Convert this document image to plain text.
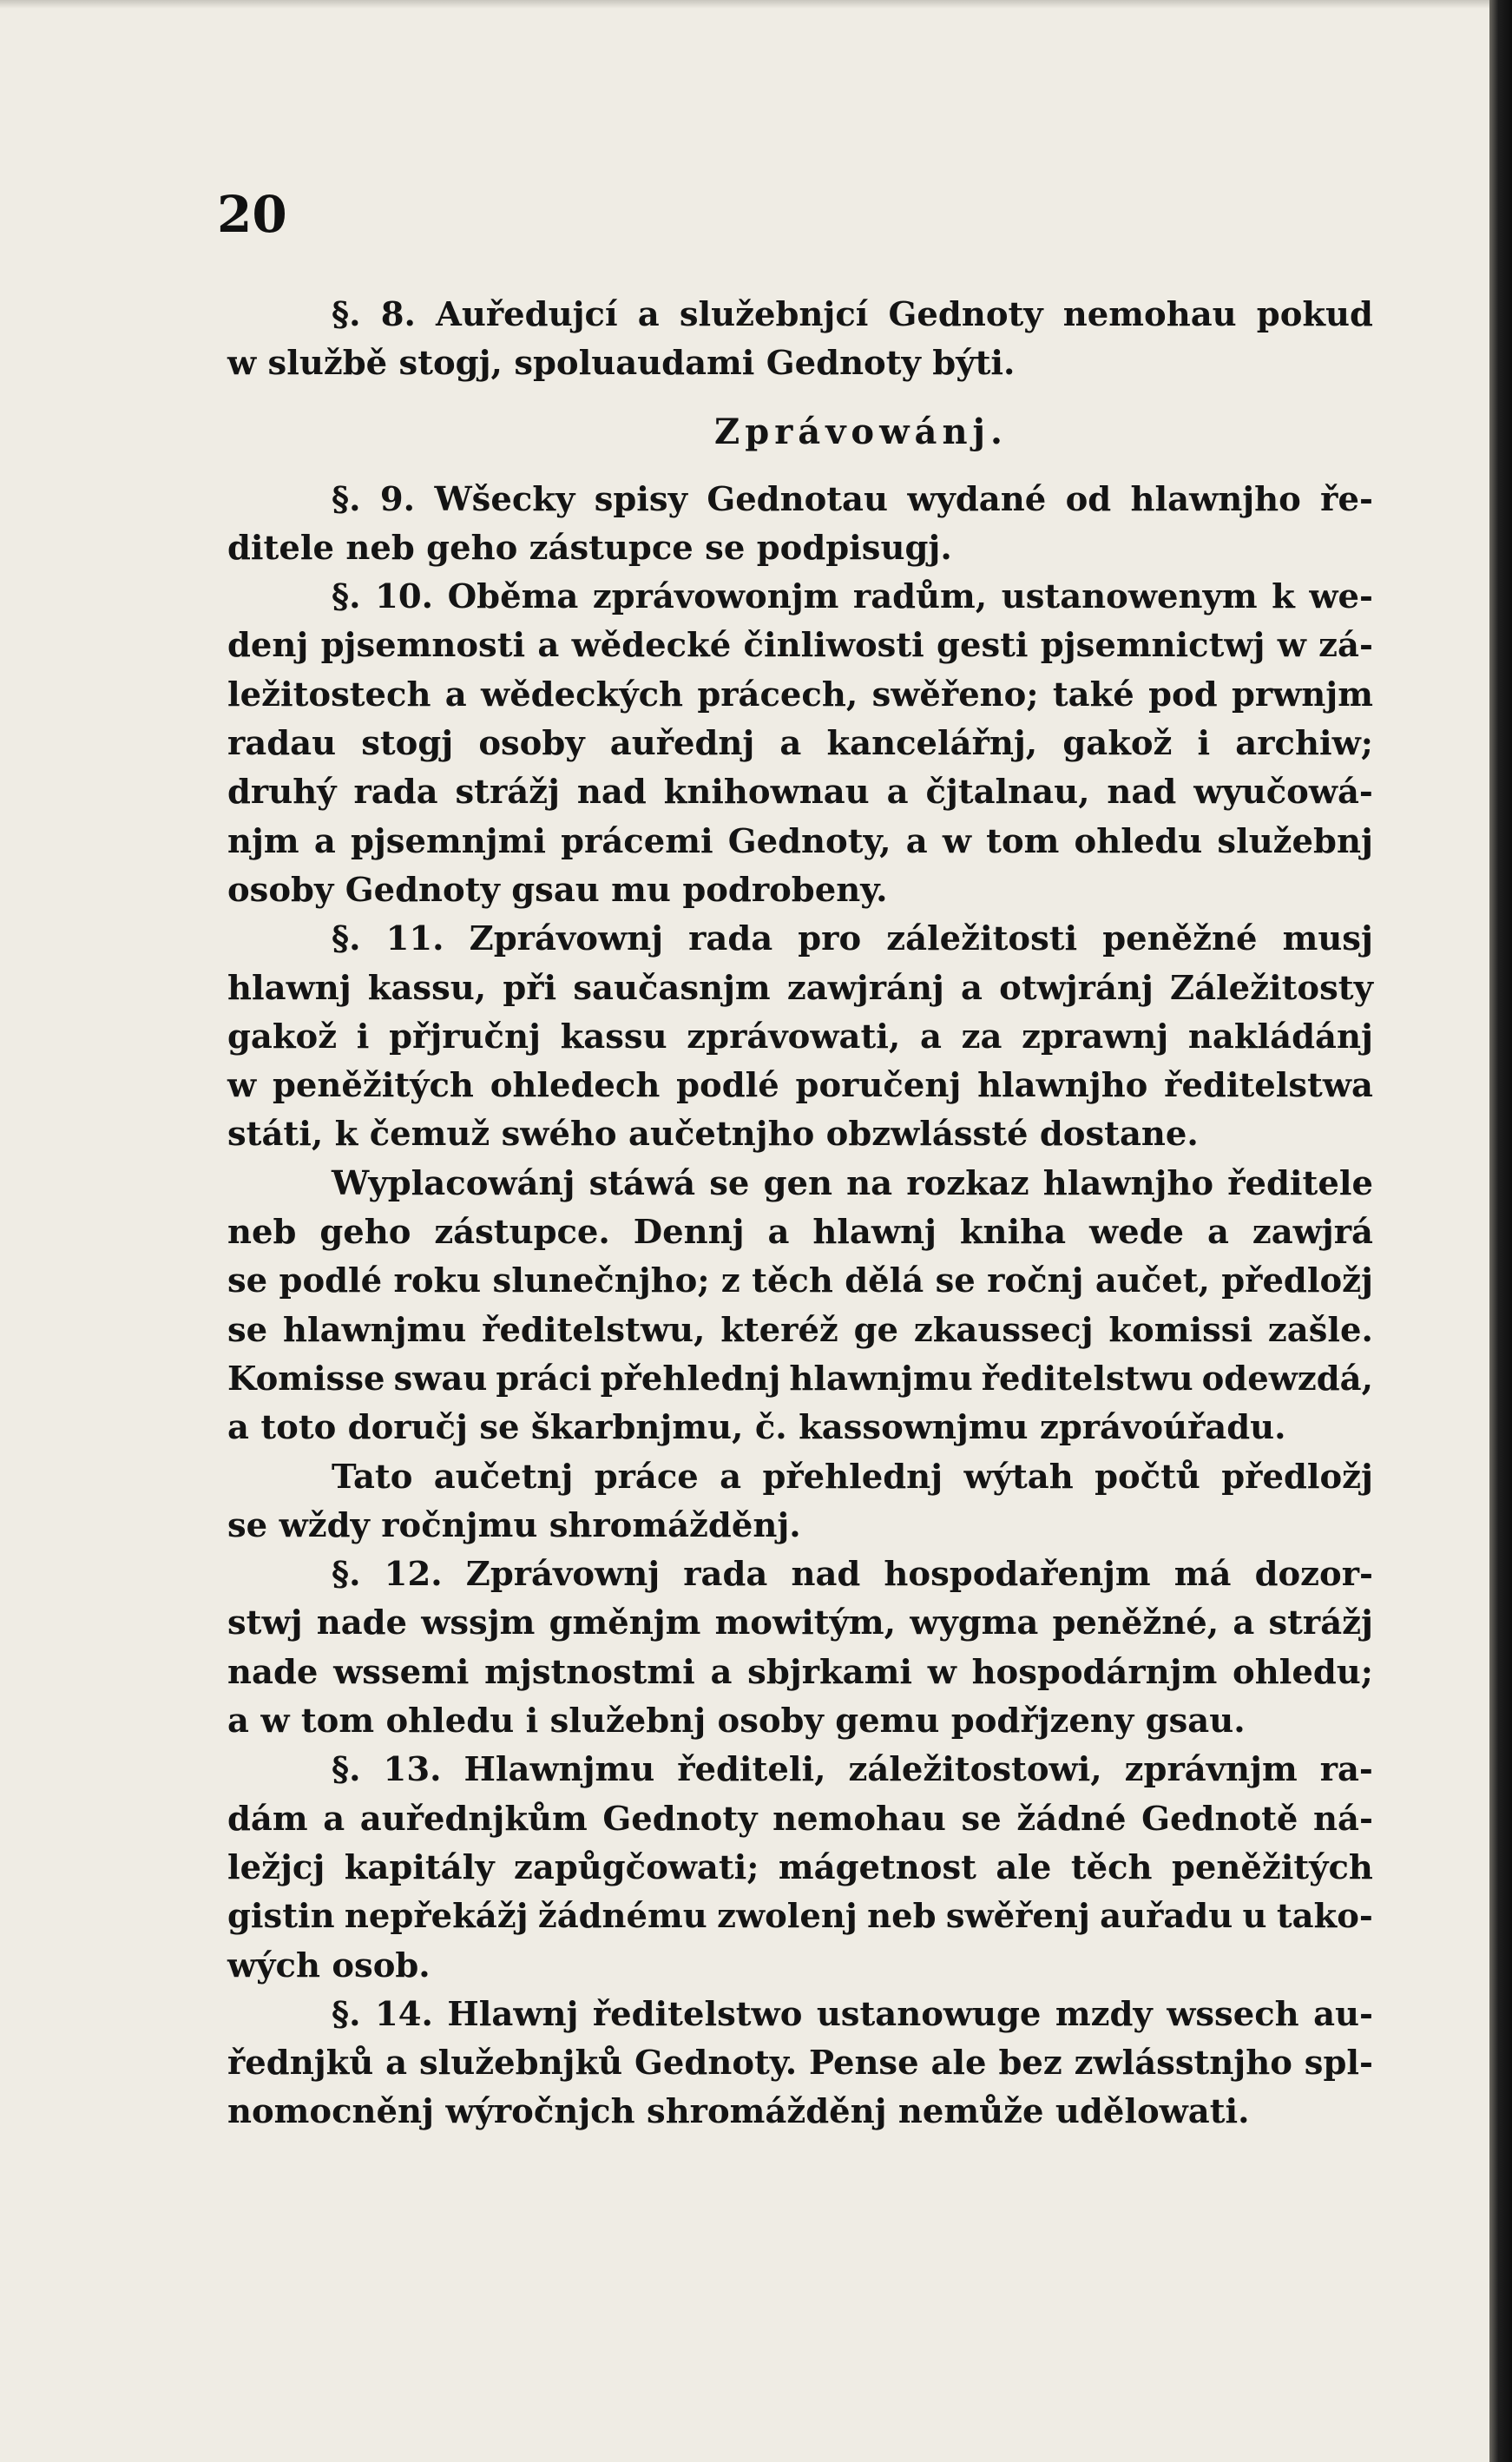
20
§. 8. Auředujcí a služebnjcí Gednoty nemohau pokud
w službě stogj, spoluaudami Gednoty býti.
Zprávowánj.
§. 9. Wšecky spisy Gednotau wydané od hlawnjho ře-
ditele neb geho zástupce se podpisugj.
§. 10. Oběma zprávowonjm radům, ustanowenym k we-
denj pjsemnosti a wědecké činliwosti gesti pjsemnictwj w zá-
ležitostech a wědeckých prácech, swěřeno; také pod prwnjm
radau stogj osoby auřednj a kancelářnj, gakož i archiw;
druhý rada strážj nad knihownau a čjtalnau, nad wyučowá-
njm a pjsemnjmi prácemi Gednoty, a w tom ohledu služebnj
osoby Gednoty gsau mu podrobeny.
§. 11. Zprávownj rada pro záležitosti peněžné musj
hlawnj kassu, při saučasnjm zawjránj a otwjránj Záležitosty
gakož i přjručnj kassu zprávowati, a za zprawnj nakládánj
w peněžitých ohledech podlé poručenj hlawnjho ředitelstwa
státi, k čemuž swého aučetnjho obzwlássté dostane.
Wyplacowánj stáwá se gen na rozkaz hlawnjho ředitele
neb geho zástupce. Dennj a hlawnj kniha wede a zawjrá
se podlé roku slunečnjho; z těch dělá se ročnj aučet, předložj
se hlawnjmu ředitelstwu, kteréž ge zkaussecj komissi zašle.
Komisse swau práci přehlednj hlawnjmu ředitelstwu odewzdá,
a toto doručj se škarbnjmu, č. kassownjmu zprávoúřadu.
Tato aučetnj práce a přehlednj wýtah počtů předložj
se wždy ročnjmu shromážděnj.
§. 12. Zprávownj rada nad hospodařenjm má dozor-
stwj nade wssjm gměnjm mowitým, wygma peněžné, a strážj
nade wssemi mjstnostmi a sbjrkami w hospodárnjm ohledu;
a w tom ohledu i služebnj osoby gemu podřjzeny gsau.
§. 13. Hlawnjmu řediteli, záležitostowi, zprávnjm ra-
dám a auřednjkům Gednoty nemohau se žádné Gednotě ná-
ležjcj kapitály zapůgčowati; mágetnost ale těch peněžitých
gistin nepřekážj žádnému zwolenj neb swěřenj auřadu u tako-
wých osob.
§. 14. Hlawnj ředitelstwo ustanowuge mzdy wssech au-
řednjků a služebnjků Gednoty. Pense ale bez zwlásstnjho spl-
nomocněnj wýročnjch shromážděnj nemůže udělowati.
